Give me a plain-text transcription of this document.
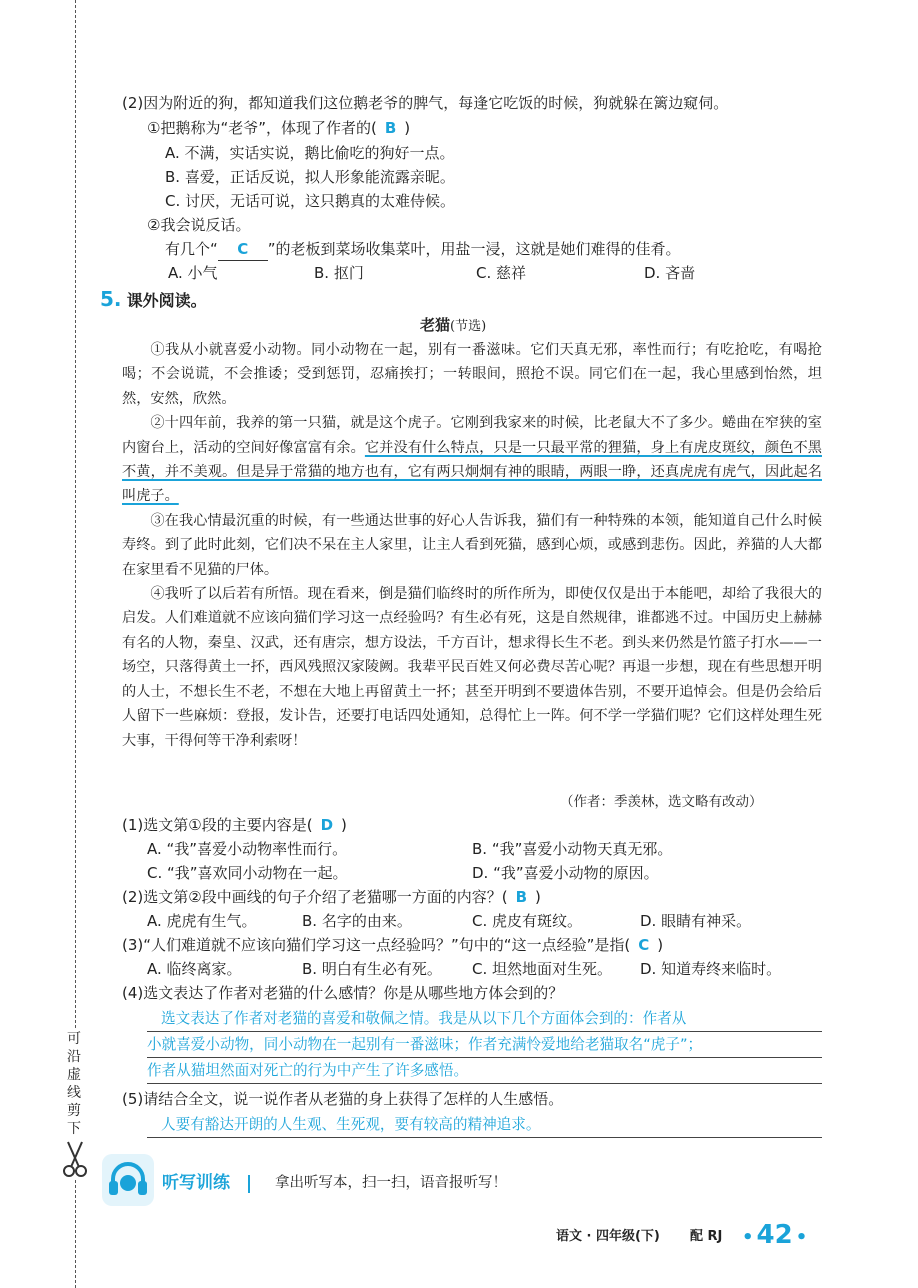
可
沿
虚
线
剪
下
(2)因为附近的狗，都知道我们这位鹅老爷的脾气，每逢它吃饭的时候，狗就躲在篱边窥伺。
①把鹅称为“老爷”，体现了作者的( B )
A. 不满，实话实说，鹅比偷吃的狗好一点。
B. 喜爱，正话反说，拟人形象能流露亲昵。
C. 讨厌，无话可说，这只鹅真的太难侍候。
②我会说反话。
有几个“ C ”的老板到菜场收集菜叶，用盐一浸，这就是她们难得的佳肴。
A. 小气	B. 抠门	C. 慈祥	D. 吝啬
5. 课外阅读。
老猫(节选)

①我从小就喜爱小动物。同小动物在一起，别有一番滋味。它们天真无邪，率性而行；有吃抢吃，有喝抢喝；不会说谎，不会推诿；受到惩罚，忍痛挨打；一转眼间，照抢不误。同它们在一起，我心里感到怡然，坦然，安然，欣然。

②十四年前，我养的第一只猫，就是这个虎子。它刚到我家来的时候，比老鼠大不了多少。蜷曲在窄狭的室内窗台上，活动的空间好像富富有余。它并没有什么特点，只是一只最平常的狸猫，身上有虎皮斑纹，颜色不黑不黄，并不美观。但是异于常猫的地方也有，它有两只炯炯有神的眼睛，两眼一睁，还真虎虎有虎气，因此起名叫虎子。

③在我心情最沉重的时候，有一些通达世事的好心人告诉我，猫们有一种特殊的本领，能知道自己什么时候寿终。到了此时此刻，它们决不呆在主人家里，让主人看到死猫，感到心烦，或感到悲伤。因此，养猫的人大都在家里看不见猫的尸体。

④我听了以后若有所悟。现在看来，倒是猫们临终时的所作所为，即使仅仅是出于本能吧，却给了我很大的启发。人们难道就不应该向猫们学习这一点经验吗？有生必有死，这是自然规律，谁都逃不过。中国历史上赫赫有名的人物，秦皇、汉武，还有唐宗，想方设法，千方百计，想求得长生不老。到头来仍然是竹篮子打水——一场空，只落得黄土一抔，西风残照汉家陵阙。我辈平民百姓又何必费尽苦心呢？再退一步想，现在有些思想开明的人士，不想长生不老，不想在大地上再留黄土一抔；甚至开明到不要遗体告别，不要开追悼会。但是仍会给后人留下一些麻烦：登报，发讣告，还要打电话四处通知，总得忙上一阵。何不学一学猫们呢？它们这样处理生死大事，干得何等干净利索呀！

（作者：季羡林，选文略有改动）
(1)选文第①段的主要内容是( D )
A. “我”喜爱小动物率性而行。	B. “我”喜爱小动物天真无邪。
C. “我”喜欢同小动物在一起。	D. “我”喜爱小动物的原因。
(2)选文第②段中画线的句子介绍了老猫哪一方面的内容？( B )
A. 虎虎有生气。	B. 名字的由来。	C. 虎皮有斑纹。	D. 眼睛有神采。
(3)“人们难道就不应该向猫们学习这一点经验吗？”句中的“这一点经验”是指( C )
A. 临终离家。	B. 明白有生必有死。 C. 坦然地面对生死。 D. 知道寿终来临时。
(4)选文表达了作者对老猫的什么感情？你是从哪些地方体会到的？
选文表达了作者对老猫的喜爱和敬佩之情。我是从以下几个方面体会到的：作者从
小就喜爱小动物，同小动物在一起别有一番滋味；作者充满怜爱地给老猫取名“虎子”；
作者从猫坦然面对死亡的行为中产生了许多感悟。
(5)请结合全文，说一说作者从老猫的身上获得了怎样的人生感悟。
人要有豁达开朗的人生观、生死观，要有较高的精神追求。
听写训练	拿出听写本，扫一扫，语音报听写！
语文 · 四年级(下) 配 RJ • 42 •
